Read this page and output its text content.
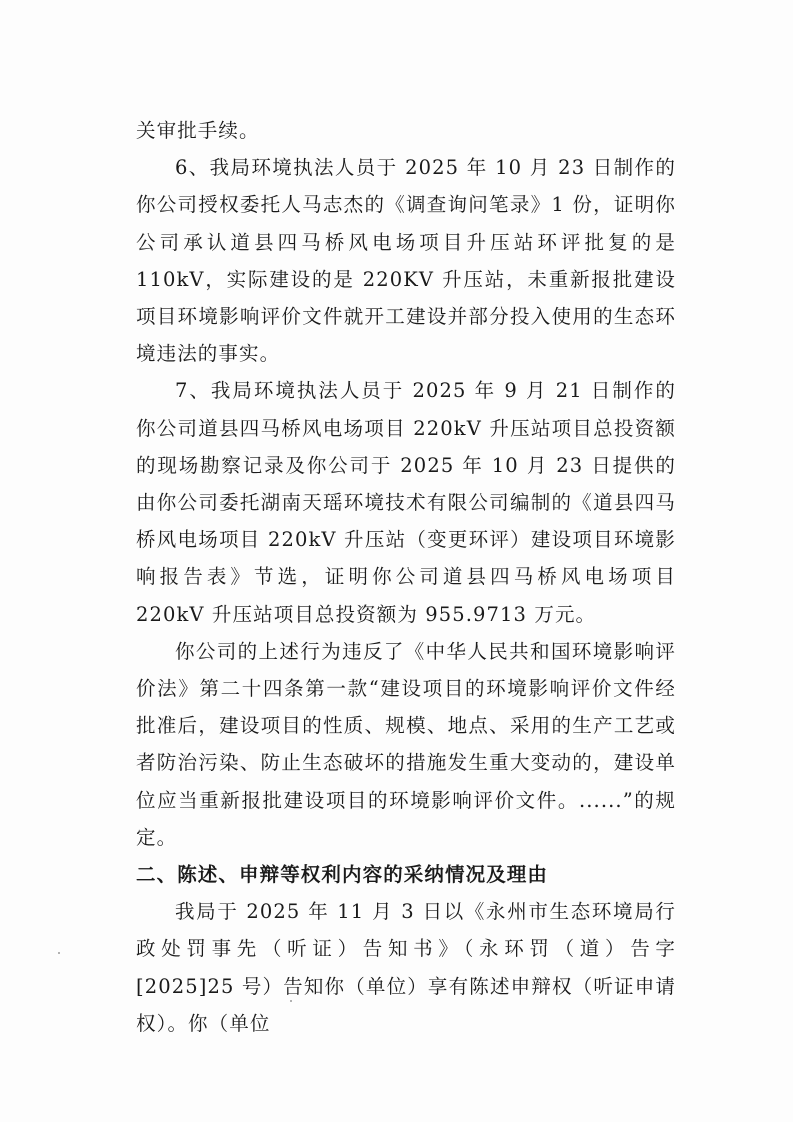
关审批手续。

6、我局环境执法人员于 2025 年 10 月 23 日制作的你公司授权委托人马志杰的《调查询问笔录》1 份，证明你公司承认道县四马桥风电场项目升压站环评批复的是 110kV，实际建设的是 220KV 升压站，未重新报批建设项目环境影响评价文件就开工建设并部分投入使用的生态环境违法的事实。

7、我局环境执法人员于 2025 年 9 月 21 日制作的你公司道县四马桥风电场项目 220kV 升压站项目总投资额的现场勘察记录及你公司于 2025 年 10 月 23 日提供的由你公司委托湖南天瑶环境技术有限公司编制的《道县四马桥风电场项目 220kV 升压站（变更环评）建设项目环境影响报告表》节选，证明你公司道县四马桥风电场项目 220kV 升压站项目总投资额为 955.9713 万元。

你公司的上述行为违反了《中华人民共和国环境影响评价法》第二十四条第一款“建设项目的环境影响评价文件经批准后，建设项目的性质、规模、地点、采用的生产工艺或者防治污染、防止生态破坏的措施发生重大变动的，建设单位应当重新报批建设项目的环境影响评价文件。......”的规定。

二、陈述、申辩等权利内容的采纳情况及理由

我局于 2025 年 11 月 3 日以《永州市生态环境局行政处罚事先（听证）告知书》（永环罚（道）告字[2025]25 号）告知你（单位）享有陈述申辩权（听证申请权）。你（单位
